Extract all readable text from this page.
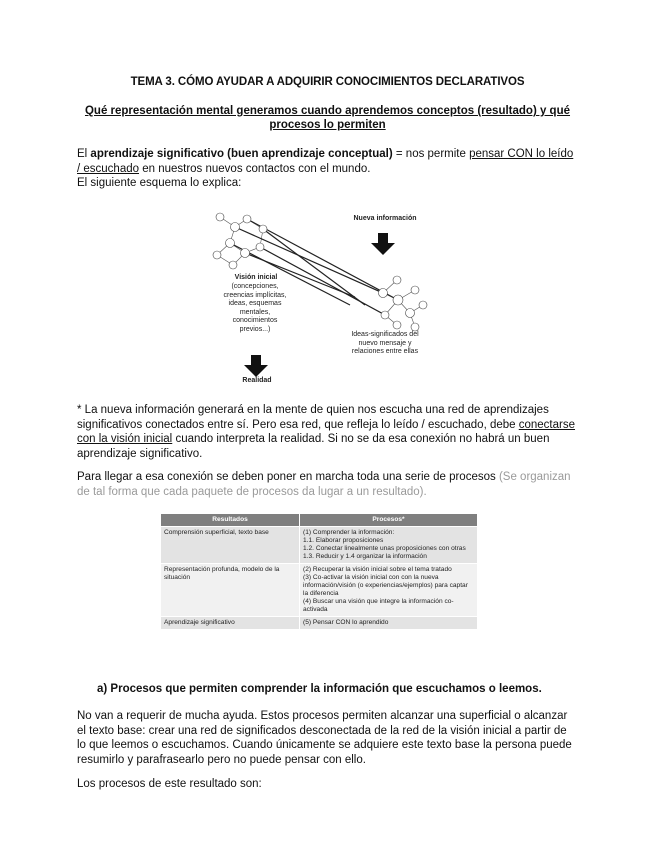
TEMA 3. CÓMO AYUDAR A ADQUIRIR CONOCIMIENTOS DECLARATIVOS
Qué representación mental generamos cuando aprendemos conceptos (resultado) y qué procesos lo permiten
El aprendizaje significativo (buen aprendizaje conceptual) = nos permite pensar CON lo leído / escuchado en nuestros nuevos contactos con el mundo.
El siguiente esquema lo explica:
Nueva información
Visión inicial
(concepciones, creencias implícitas, ideas, esquemas mentales, conocimientos previos...)
Realidad
Ideas-significados del nuevo mensaje y relaciones entre ellas
* La nueva información generará en la mente de quien nos escucha una red de aprendizajes significativos conectados entre sí. Pero esa red, que refleja lo leído / escuchado, debe conectarse con la visión inicial cuando interpreta la realidad. Si no se da esa conexión no habrá un buen aprendizaje significativo.
Para llegar a esa conexión se deben poner en marcha toda una serie de procesos (Se organizan de tal forma que cada paquete de procesos da lugar a un resultado).
Resultados	Procesos*
Comprensión superficial, texto base	(1) Comprender la información:
1.1. Elaborar proposiciones
1.2. Conectar linealmente unas proposiciones con otras
1.3. Reducir y 1.4 organizar la información
Representación profunda, modelo de la situación	(2) Recuperar la visión inicial sobre el tema tratado
(3) Co-activar la visión inicial con con la nueva información/visión (o experiencias/ejemplos) para captar la diferencia
(4) Buscar una visión que integre la información co-activada
Aprendizaje significativo	(5) Pensar CON lo aprendido
a) Procesos que permiten comprender la información que escuchamos o leemos.
No van a requerir de mucha ayuda. Estos procesos permiten alcanzar una superficial o alcanzar el texto base: crear una red de significados desconectada de la red de la visión inicial a partir de lo que leemos o escuchamos. Cuando únicamente se adquiere este texto base la persona puede resumirlo y parafrasearlo pero no puede pensar con ello.
Los procesos de este resultado son:
